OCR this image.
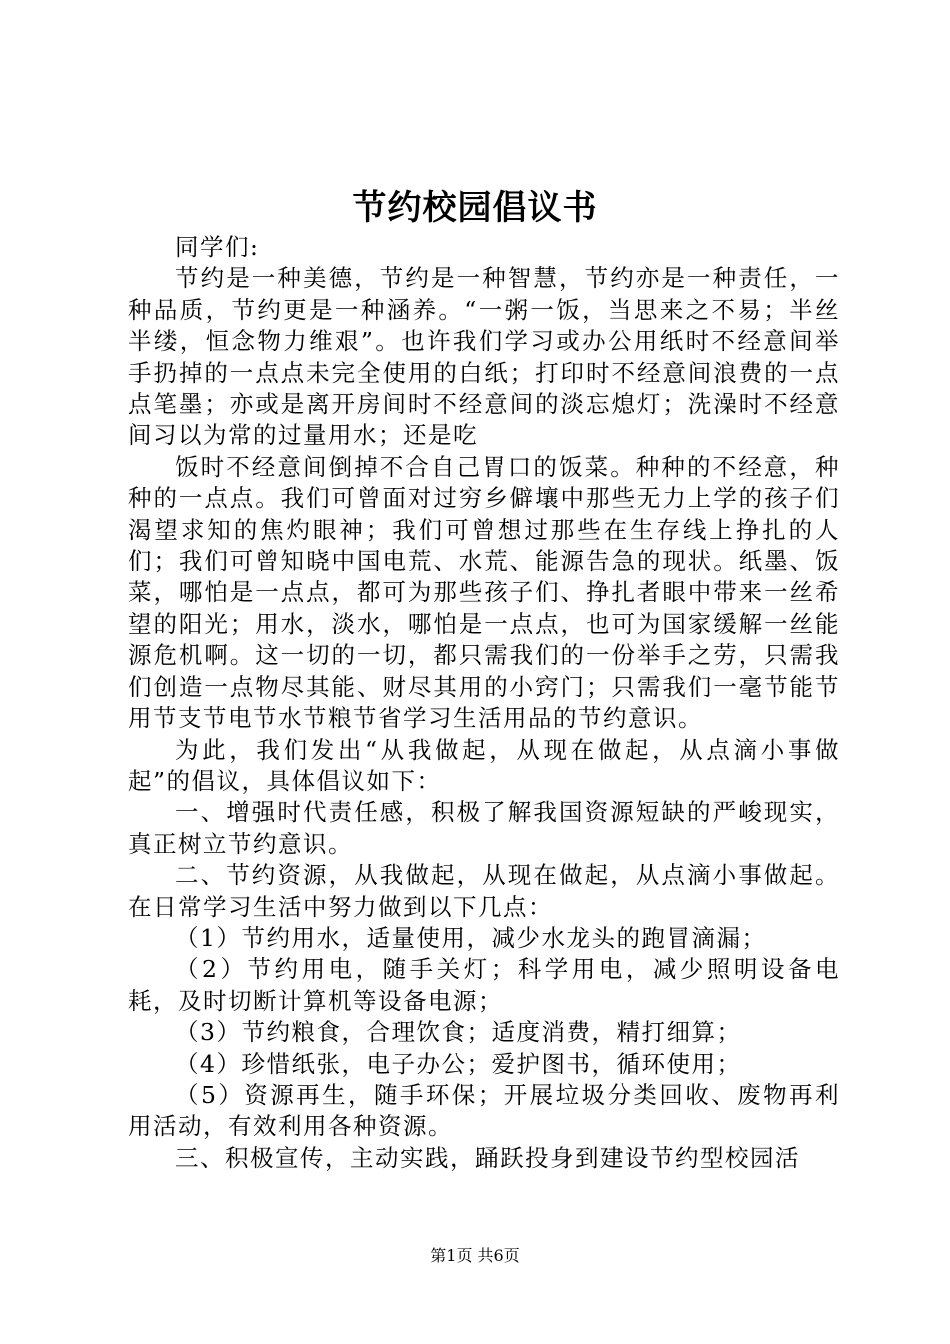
节约校园倡议书

同学们:

节约是一种美德，节约是一种智慧，节约亦是一种责任，一种品质，节约更是一种涵养。“一粥一饭，当思来之不易；半丝半缕，恒念物力维艰”。也许我们学习或办公用纸时不经意间举手扔掉的一点点未完全使用的白纸；打印时不经意间浪费的一点点笔墨；亦或是离开房间时不经意间的淡忘熄灯；洗澡时不经意间习以为常的过量用水；还是吃

饭时不经意间倒掉不合自己胃口的饭菜。种种的不经意，种种的一点点。我们可曾面对过穷乡僻壤中那些无力上学的孩子们渴望求知的焦灼眼神；我们可曾想过那些在生存线上挣扎的人们；我们可曾知晓中国电荒、水荒、能源告急的现状。纸墨、饭菜，哪怕是一点点，都可为那些孩子们、挣扎者眼中带来一丝希望的阳光；用水，淡水，哪怕是一点点，也可为国家缓解一丝能源危机啊。这一切的一切，都只需我们的一份举手之劳，只需我们创造一点物尽其能、财尽其用的小窍门；只需我们一毫节能节用节支节电节水节粮节省学习生活用品的节约意识。

为此，我们发出“从我做起，从现在做起，从点滴小事做起”的倡议，具体倡议如下：

一、增强时代责任感，积极了解我国资源短缺的严峻现实，真正树立节约意识。

二、节约资源，从我做起，从现在做起，从点滴小事做起。在日常学习生活中努力做到以下几点：

（1）节约用水，适量使用，减少水龙头的跑冒滴漏；

（2）节约用电，随手关灯；科学用电，减少照明设备电耗，及时切断计算机等设备电源；

（3）节约粮食，合理饮食；适度消费，精打细算；

（4）珍惜纸张，电子办公；爱护图书，循环使用；

（5）资源再生，随手环保；开展垃圾分类回收、废物再利用活动，有效利用各种资源。

三、积极宣传，主动实践，踊跃投身到建设节约型校园活

第1页 共6页
